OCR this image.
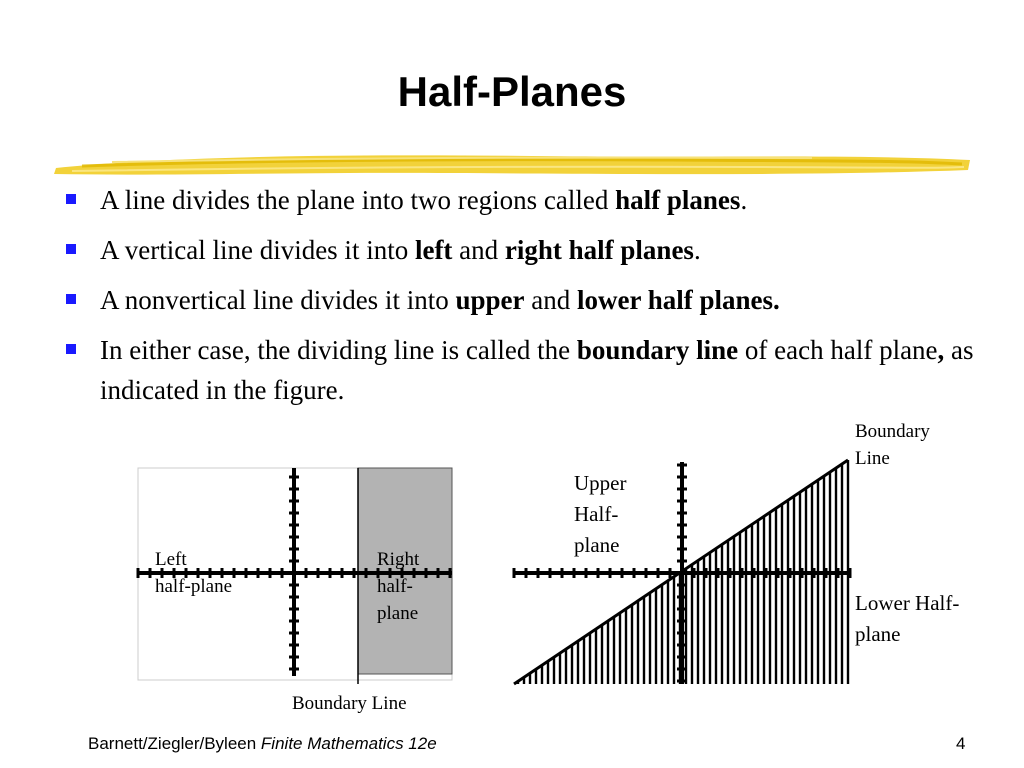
Half-Planes
A line divides the plane into two regions called half planes.
A vertical line divides it into left and right half planes.
A nonvertical line divides it into upper and lower half planes.
In either case, the dividing line is called the boundary line of each half plane, as indicated in the figure.
Left
half-plane
Right
half-
plane
Boundary Line
Upper
Half-
plane
Boundary
Line
Lower Half-
plane
Barnett/Ziegler/Byleen Finite Mathematics 12e	4
